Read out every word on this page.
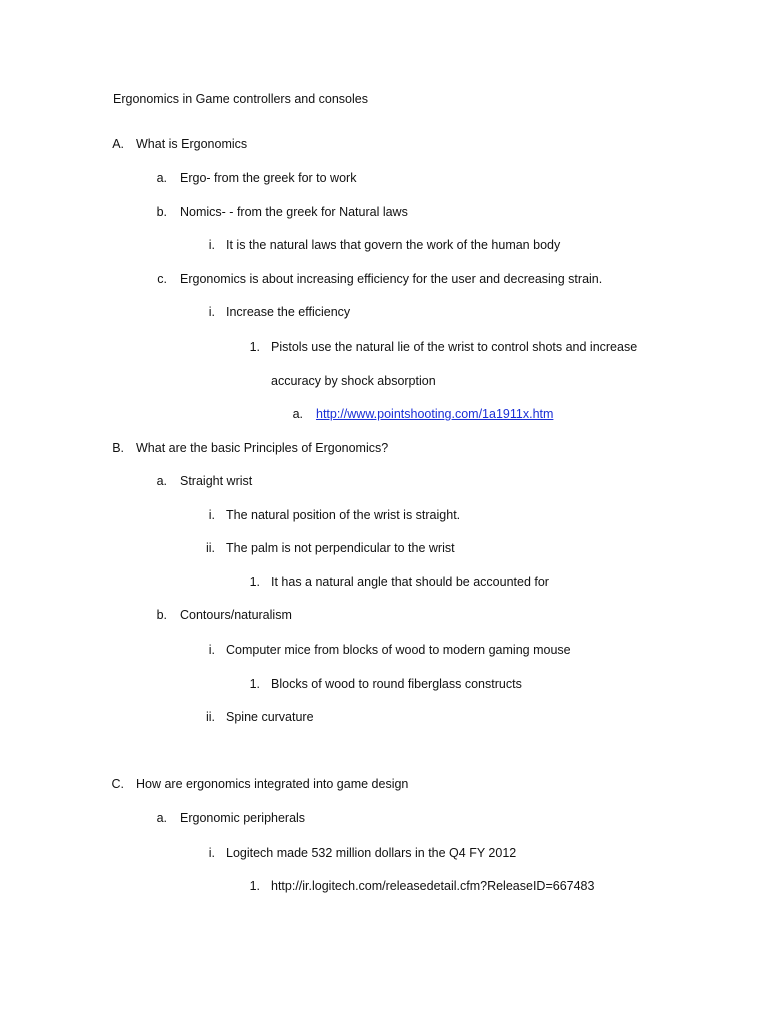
Ergonomics in Game controllers and consoles
A. What is Ergonomics
a. Ergo- from the greek for to work
b. Nomics- - from the greek for Natural laws
i. It is the natural laws that govern the work of the human body
c. Ergonomics is about increasing efficiency for the user and decreasing strain.
i. Increase the efficiency
1. Pistols use the natural lie of the wrist to control shots and increase
accuracy by shock absorption
a. http://www.pointshooting.com/1a1911x.htm
B. What are the basic Principles of Ergonomics?
a. Straight wrist
i. The natural position of the wrist is straight.
ii. The palm is not perpendicular to the wrist
1. It has a natural angle that should be accounted for
b. Contours/naturalism
i. Computer mice from blocks of wood to modern gaming mouse
1. Blocks of wood to round fiberglass constructs
ii. Spine curvature
C. How are ergonomics integrated into game design
a. Ergonomic peripherals
i. Logitech made 532 million dollars in the Q4 FY 2012
1. http://ir.logitech.com/releasedetail.cfm?ReleaseID=667483
